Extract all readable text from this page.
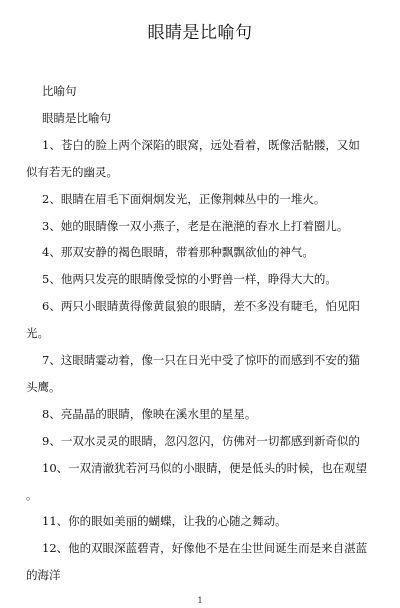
眼睛是比喻句
比喻句
眼睛是比喻句
1、苍白的脸上两个深陷的眼窝，远处看着，既像活骷髅，又如
似有若无的幽灵。
2、眼睛在眉毛下面炯炯发光，正像荆棘丛中的一堆火。
3、她的眼睛像一双小燕子，老是在滟滟的春水上打着圈儿。
4、那双安静的褐色眼睛，带着那种飘飘欲仙的神气。
5、他两只发亮的眼睛像受惊的小野兽一样，睁得大大的。
6、两只小眼睛黄得像黄鼠狼的眼睛，差不多没有睫毛，怕见阳
光。
7、这眼睛霎动着，像一只在日光中受了惊吓的而感到不安的猫
头鹰。
8、亮晶晶的眼睛，像映在溪水里的星星。
9、一双水灵灵的眼睛，忽闪忽闪，仿佛对一切都感到新奇似的
10、一双清澈犹若河马似的小眼睛，便是低头的时候，也在观望
。
11、你的眼如美丽的蝴蝶，让我的心随之舞动。
12、他的双眼深蓝碧青，好像他不是在尘世间诞生而是来自湛蓝
的海洋
1
